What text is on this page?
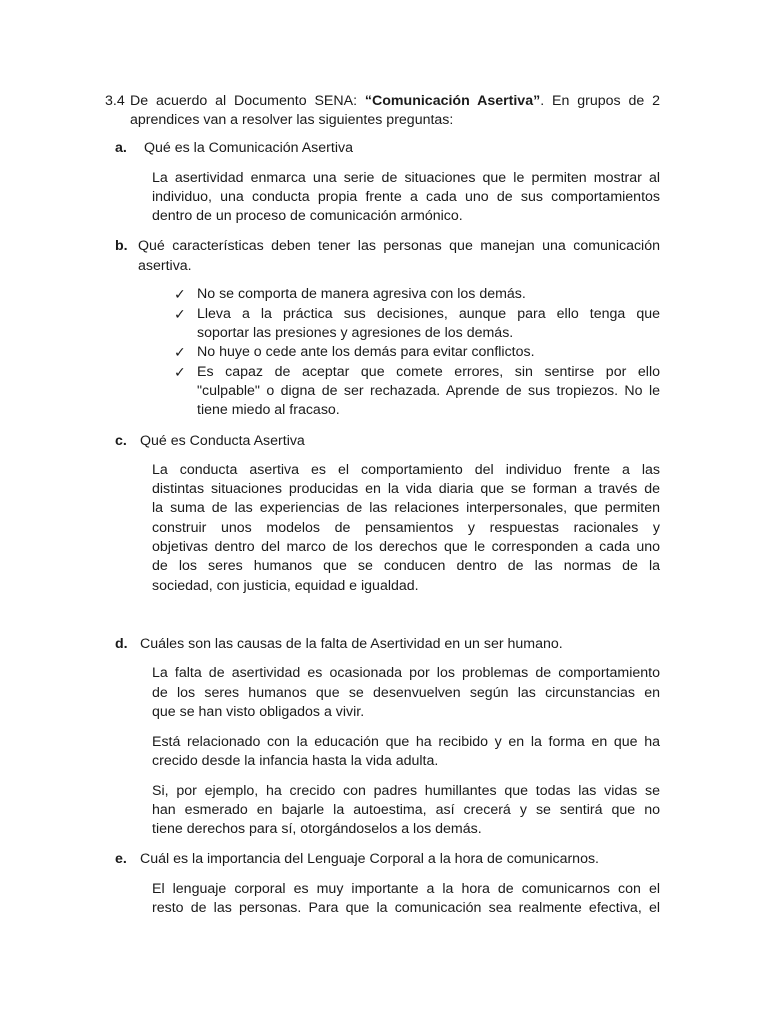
3.4 De acuerdo al Documento SENA: “Comunicación Asertiva”. En grupos de 2
aprendices van a resolver las siguientes preguntas:
a. Qué es la Comunicación Asertiva
La asertividad enmarca una serie de situaciones que le permiten mostrar al
individuo, una conducta propia frente a cada uno de sus comportamientos
dentro de un proceso de comunicación armónico.
b. Qué características deben tener las personas que manejan una comunicación
asertiva.
✓ No se comporta de manera agresiva con los demás.
✓ Lleva a la práctica sus decisiones, aunque para ello tenga que
soportar las presiones y agresiones de los demás.
✓ No huye o cede ante los demás para evitar conflictos.
✓ Es capaz de aceptar que comete errores, sin sentirse por ello
"culpable" o digna de ser rechazada. Aprende de sus tropiezos. No le
tiene miedo al fracaso.
c. Qué es Conducta Asertiva
La conducta asertiva es el comportamiento del individuo frente a las
distintas situaciones producidas en la vida diaria que se forman a través de
la suma de las experiencias de las relaciones interpersonales, que permiten
construir unos modelos de pensamientos y respuestas racionales y
objetivas dentro del marco de los derechos que le corresponden a cada uno
de los seres humanos que se conducen dentro de las normas de la
sociedad, con justicia, equidad e igualdad.
d. Cuáles son las causas de la falta de Asertividad en un ser humano.
La falta de asertividad es ocasionada por los problemas de comportamiento
de los seres humanos que se desenvuelven según las circunstancias en
que se han visto obligados a vivir.
Está relacionado con la educación que ha recibido y en la forma en que ha
crecido desde la infancia hasta la vida adulta.
Si, por ejemplo, ha crecido con padres humillantes que todas las vidas se
han esmerado en bajarle la autoestima, así crecerá y se sentirá que no
tiene derechos para sí, otorgándoselos a los demás.
e. Cuál es la importancia del Lenguaje Corporal a la hora de comunicarnos.
El lenguaje corporal es muy importante a la hora de comunicarnos con el
resto de las personas. Para que la comunicación sea realmente efectiva, el
